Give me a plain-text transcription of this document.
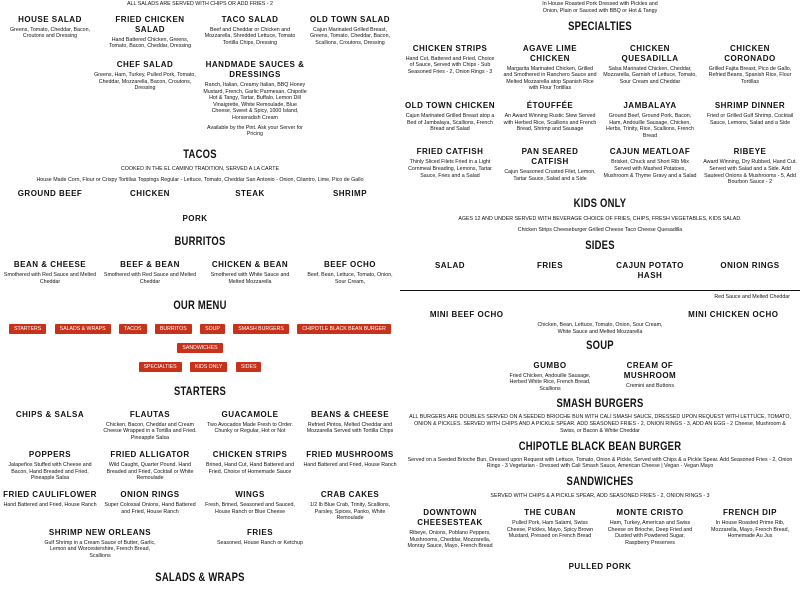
ALL SALADS ARE SERVED WITH CHIPS OR ADD FRIES - 2
HOUSE SALAD
Greens, Tomato, Cheddar, Bacon, Croutons and Dressing
FRIED CHICKEN SALAD
Hand Battered Chicken, Greens, Tomato, Bacon, Cheddar, Dressing
TACO SALAD
Beef and Cheddar or Chicken and Mozzarella, Shredded Lettuce, Tomato Tortilla Chips, Dressing
OLD TOWN SALAD
Cajun Marinated Grilled Breast, Greens, Tomato, Cheddar, Bacon, Scallions, Croutons, Dressing
CHEF SALAD
Greens, Ham, Turkey, Pulled Pork, Tomato, Cheddar, Mozzarella, Bacon, Croutons, Dressing
HANDMADE SAUCES & DRESSINGS
Ranch, Italian, Creamy Italian, BBQ Honey Mustard, French, Garlic Parmesan, Chipotle Hot & Tangy, Tartar, Buffalo, Lemon Dill Vinaigrette, White Remoulade, Blue Cheese, Sweet & Spicy, 1000 Island, Horseradish Cream
Available by the Pint. Ask your Server for Pricing
TACOS
COOKED IN THE EL CAMINO TRADITION, SERVED A LA CARTE
House Made Corn, Flour or Crispy Tortillas Toppings Regular - Lettuce, Tomato, Cheddar San Antonio - Onion, Cilantro, Lime, Pico de Gallo
GROUND BEEF	CHICKEN	STEAK	SHRIMP
PORK
BURRITOS
BEAN & CHEESE
Smothered with Red Sauce and Melted Cheddar
BEEF & BEAN
Smothered with Red Sauce and Melted Cheddar
CHICKEN & BEAN
Smothered with White Sauce and Melted Mozzarella
BEEF OCHO
Beef, Bean, Lettuce, Tomato, Onion, Sour Cream,
OUR MENU
STARTERS	SALADS & WRAPS	TACOS	BURRITOS	SOUP	SMASH BURGERS	CHIPOTLE BLACK BEAN BURGER SANDWICHES
SPECIALTIES	KIDS ONLY	SIDES
STARTERS
CHIPS & SALSA	FLAUTAS
Chicken, Bacon, Cheddar and Cream Cheese Wrapped in a Tortilla and Fried. Pineapple Salsa
GUACAMOLE
Two Avocados Made Fresh to Order. Chunky or Regular, Hot or Not
BEANS & CHEESE
Refried Pintos, Melted Cheddar and Mozzarella Served with Tortilla Chips
POPPERS
Jalapeños Stuffed with Cheese and Bacon, Hand Breaded and Fried, Pineapple Salsa
FRIED ALLIGATOR
Wild Caught, Quarter Pound. Hand Breaded and Fried, Cocktail or White Remoulade
CHICKEN STRIPS
Brined, Hand Cut, Hand Battered and Fried, Choice of Homemade Sauce
FRIED MUSHROOMS
Hand Battered and Fried, House Ranch
FRIED CAULIFLOWER
Hand Battered and Fried, House Ranch
ONION RINGS
Super Colossal Onions, Hand Battered and Fried, House Ranch
WINGS
Fresh, Brined, Seasoned and Sauced, House Ranch or Blue Cheese
CRAB CAKES
1/2 lb Blue Crab, Trinity, Scallions, Parsley, Spices, Panko, White Remoulade
SHRIMP NEW ORLEANS
Gulf Shrimp in a Cream Sauce of Butter, Garlic, Lemon and Worcestershire, French Bread, Scallions
FRIES
Seasoned, House Ranch or Ketchup
SALADS & WRAPS
In House Roasted Pork Dressed with Pickles and Onion, Plain or Sauced with BBQ or Hot & Tangy
SPECIALTIES
CHICKEN STRIPS
Hand Cut, Battered and Fried, Choice of Sauce, Served with Chips - Sub Seasoned Fries - 2, Onion Rings - 3
AGAVE LIME CHICKEN
Margarita Marinated Chicken, Grilled and Smothered in Ranchero Sauce and Melted Mozzarella atop Spanish Rice with Flour Tortillas
CHICKEN QUESADILLA
Salsa Marinated Chicken, Cheddar, Mozzarella, Garnish of Lettuce, Tomato, Sour Cream and Cheddar
CHICKEN CORONADO
Grilled Fajita Breast, Pico de Gallo, Refried Beans, Spanish Rice, Flour Tortillas
OLD TOWN CHICKEN
Cajun Marinated Grilled Breast atop a Bed of Jambalaya, Scallions, French Bread and Salad
ÉTOUFFÉE
An Award Winning Rustic Stew Served with Herbed Rice, Scallions and French Bread, Shrimp and Sausage
JAMBALAYA
Ground Beef, Ground Pork, Bacon, Ham, Andouille Sausage, Chicken, Herbs, Trinity, Rice, Scallions, French Bread
SHRIMP DINNER
Fried or Grilled Gulf Shrimp, Cocktail Sauce, Lemons, Salad and a Side
FRIED CATFISH
Thinly Sliced Filets Fried in a Light Cornmeal Breading, Lemons, Tartar Sauce, Fries and a Salad
PAN SEARED CATFISH
Cajun Seasoned Crusted Filet, Lemon, Tartar Sauce, Salad and a Side
CAJUN MEATLOAF
Brisket, Chuck and Short Rib Mix Served with Mashed Potatoes, Mushroom & Thyme Gravy and a Salad
RIBEYE
Award Winning, Dry Rubbed, Hand Cut. Served with Salad and a Side. Add Sauteed Onions & Mushrooms - 5, Add Bourbon Sauce - 2
KIDS ONLY
AGES 12 AND UNDER SERVED WITH BEVERAGE CHOICE OF FRIES, CHIPS, FRESH VEGETABLES, KIDS SALAD.
Chicken Strips Cheeseburger Grilled Cheese Taco Cheese Quesadilla
SIDES
SALAD	FRIES	CAJUN POTATO HASH
ONION RINGS
Red Sauce and Melted Cheddar
MINI BEEF OCHO
Chicken, Bean, Lettuce, Tomato, Onion, Sour Cream, White Sauce and Melted Mozzarella
MINI CHICKEN OCHO
SOUP
GUMBO
Fried Chicken, Andouille Sausage, Herbed White Rice, French Bread, Scallions
CREAM OF MUSHROOM
Cremini and Buttons
SMASH BURGERS
ALL BURGERS ARE DOUBLES SERVED ON A SEEDED BRIOCHE BUN WITH CALI SMASH SAUCE, DRESSED UPON REQUEST WITH LETTUCE, TOMATO, ONION & PICKLES. SERVED WITH CHIPS AND A PICKLE SPEAR. ADD SEASONED FRIES - 2, ONION RINGS - 3, ADD AN EGG - 2 Cheese, Mushroom & Swiss, or Bacon & White Cheddar
CHIPOTLE BLACK BEAN BURGER
Served on a Seeded Brioche Bun, Dressed upon Request with Lettuce, Tomato, Onion & Pickle, Served with Chips & a Pickle Spear. Add Seasoned Fries - 2, Onion Rings - 3 Vegetarian - Dressed with Cali Smash Sauce, American Cheese | Vegan - Vegan Mayo
SANDWICHES
SERVED WITH CHIPS & A PICKLE SPEAR, ADD SEASONED FRIES - 2, ONION RINGS - 3
DOWNTOWN CHEESESTEAK
Ribeye, Onions, Poblano Peppers, Mushrooms, Cheddar, Mozzarella, Monray Sauce, Mayo, French Bread
THE CUBAN
Pulled Pork, Ham Salami, Swiss Cheese, Pickles, Mayo, Spicy Brown Mustard, Pressed on French Bread
MONTE CRISTO
Ham, Turkey, American and Swiss Cheese on Brioche, Deep Fried and Dusted with Powdered Sugar, Raspberry Preserves
FRENCH DIP
In House Roasted Prime Rib, Mozzarella, Mayo, French Bread, Homemade Au Jus
PULLED PORK
